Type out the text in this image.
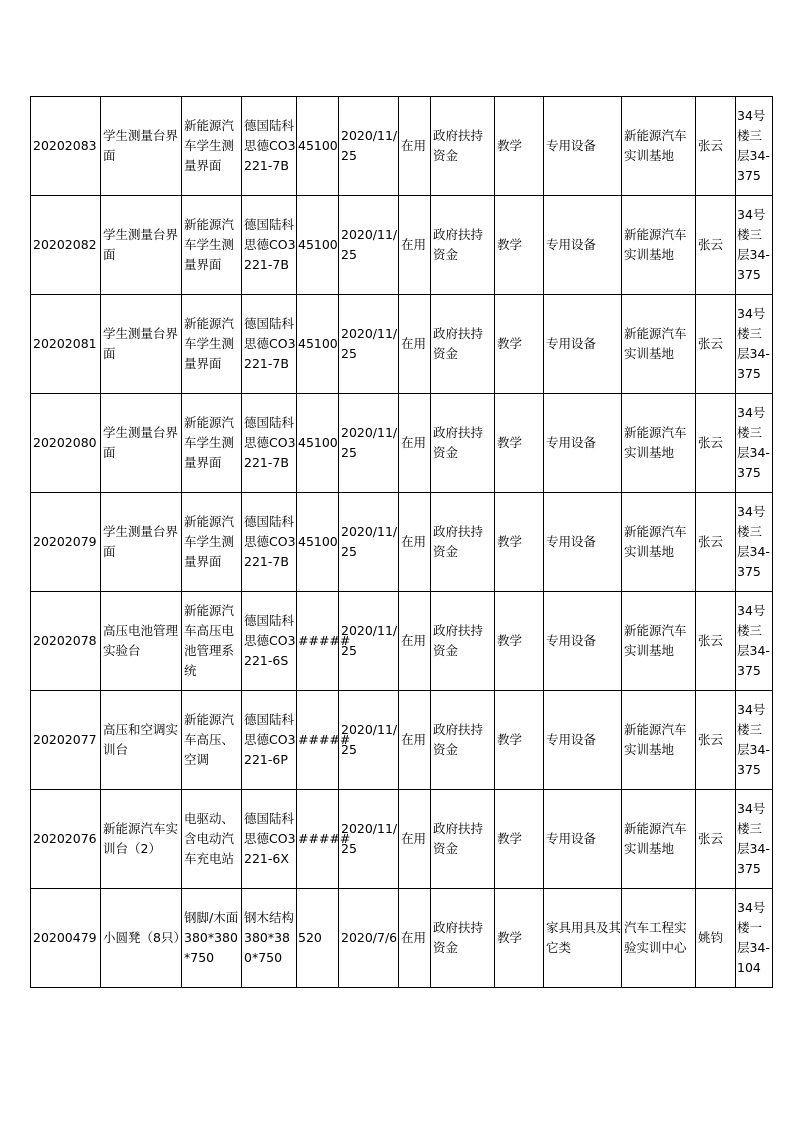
20202083	学生测量台界面	新能源汽车学生测量界面	德国陆科思德CO3221-7B	45100	2020/11/25	在用	政府扶持资金	教学	专用设备	新能源汽车实训基地	张云	34号楼三层34-375
20202082	学生测量台界面	新能源汽车学生测量界面	德国陆科思德CO3221-7B	45100	2020/11/25	在用	政府扶持资金	教学	专用设备	新能源汽车实训基地	张云	34号楼三层34-375
20202081	学生测量台界面	新能源汽车学生测量界面	德国陆科思德CO3221-7B	45100	2020/11/25	在用	政府扶持资金	教学	专用设备	新能源汽车实训基地	张云	34号楼三层34-375
20202080	学生测量台界面	新能源汽车学生测量界面	德国陆科思德CO3221-7B	45100	2020/11/25	在用	政府扶持资金	教学	专用设备	新能源汽车实训基地	张云	34号楼三层34-375
20202079	学生测量台界面	新能源汽车学生测量界面	德国陆科思德CO3221-7B	45100	2020/11/25	在用	政府扶持资金	教学	专用设备	新能源汽车实训基地	张云	34号楼三层34-375
20202078	高压电池管理实验台	新能源汽车高压电池管理系统	德国陆科思德CO3221-6S	#####	2020/11/25	在用	政府扶持资金	教学	专用设备	新能源汽车实训基地	张云	34号楼三层34-375
20202077	高压和空调实训台	新能源汽车高压、空调	德国陆科思德CO3221-6P	#####	2020/11/25	在用	政府扶持资金	教学	专用设备	新能源汽车实训基地	张云	34号楼三层34-375
20202076	新能源汽车实训台（2）	电驱动、含电动汽车充电站	德国陆科思德CO3221-6X	#####	2020/11/25	在用	政府扶持资金	教学	专用设备	新能源汽车实训基地	张云	34号楼三层34-375
20200479	小圆凳（8只）	钢脚/木面380*380*750	钢木结构380*380*750	520	2020/7/6	在用	政府扶持资金	教学	家具用具及其它类	汽车工程实验实训中心	姚钧	34号楼一层34-104
